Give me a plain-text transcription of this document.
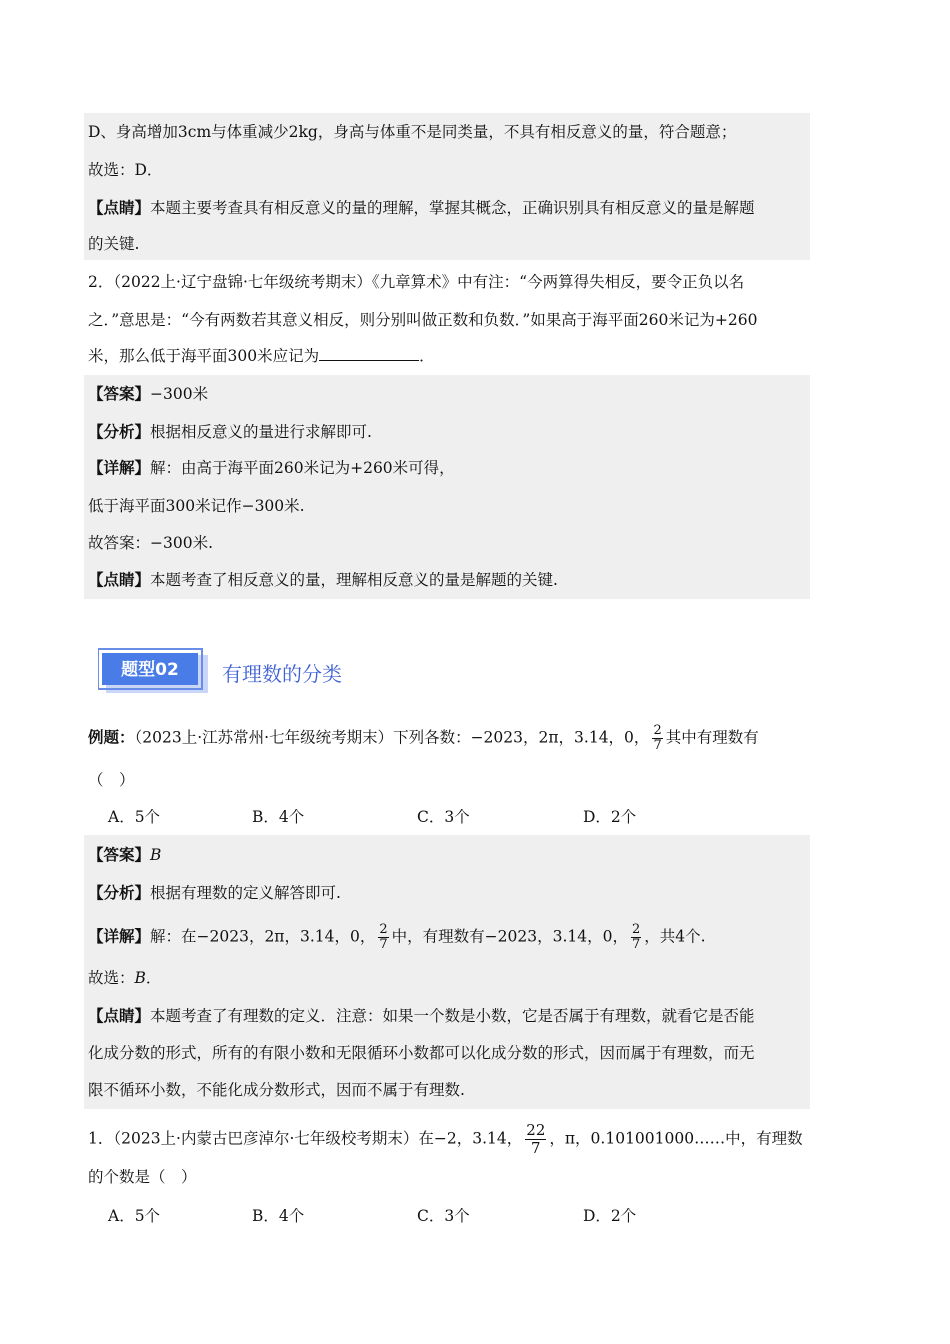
D、身高增加3cm与体重减少2kg，身高与体重不是同类量，不具有相反意义的量，符合题意；
故选：D．
【点睛】本题主要考查具有相反意义的量的理解，掌握其概念，正确识别具有相反意义的量是解题
的关键.
2．（2022上·辽宁盘锦·七年级统考期末）《九章算术》中有注：“今两算得失相反，要令正负以名
之．”意思是：“今有两数若其意义相反，则分别叫做正数和负数．”如果高于海平面260米记为+260
米，那么低于海平面300米应记为	．
【答案】−300米
【分析】根据相反意义的量进行求解即可.
【详解】解：由高于海平面260米记为+260米可得，
低于海平面300米记作−300米.
故答案：−300米.
【点睛】本题考查了相反意义的量，理解相反意义的量是解题的关键.
题型02 有理数的分类
例题：（2023上·江苏常州·七年级统考期末）下列各数：−2023，2π，3.14，0， $\frac{2}{7}$ 其中有理数有
（　）
A．5个	B．4个	C．3个	D．2个
【答案】B
【分析】根据有理数的定义解答即可.
【详解】解：在−2023，2π，3.14，0， $\frac{2}{7}$ 中，有理数有−2023，3.14，0， $\frac{2}{7}$ ，共4个.
故选：B．
【点睛】本题考查了有理数的定义．注意：如果一个数是小数，它是否属于有理数，就看它是否能
化成分数的形式，所有的有限小数和无限循环小数都可以化成分数的形式，因而属于有理数，而无
限不循环小数，不能化成分数形式，因而不属于有理数.
1．（2023上·内蒙古巴彦淖尔·七年级校考期末）在−2，3.14， $\frac{22}{7}$ ，π，0.101001000……中，有理数
的个数是（　）
A．5个	B．4个	C．3个	D．2个
